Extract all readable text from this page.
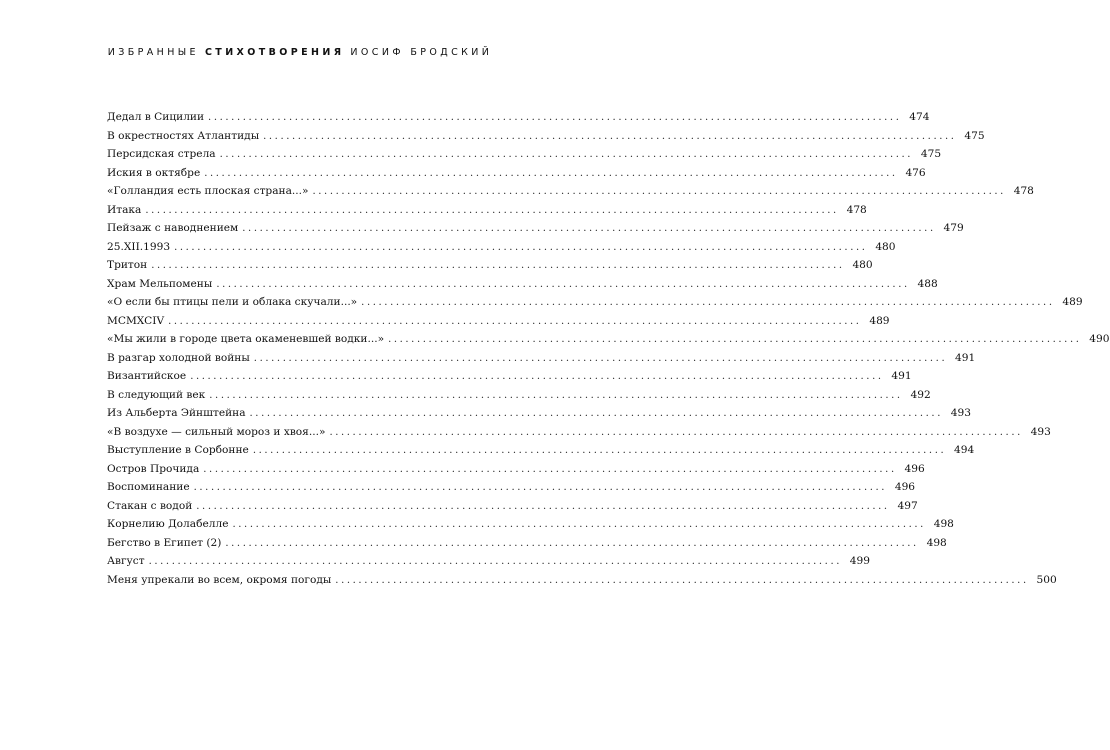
ИЗБРАННЫЕ СТИХОТВОРЕНИЯ ИОСИФ БРОДСКИЙ
Дедал в Сицилии ........................................................................................................................ 474
В окрестностях Атлантиды ........................................................................................................................ 475
Персидская стрела ........................................................................................................................ 475
Иския в октябре ........................................................................................................................ 476
«Голландия есть плоская страна...» ........................................................................................................................ 478
Итака ........................................................................................................................ 478
Пейзаж с наводнением ........................................................................................................................ 479
25.XII.1993 ........................................................................................................................ 480
Тритон ........................................................................................................................ 480
Храм Мельпомены ........................................................................................................................ 488
«О если бы птицы пели и облака скучали...» ........................................................................................................................ 489
MCMXCIV ........................................................................................................................ 489
«Мы жили в городе цвета окаменевшей водки...» ........................................................................................................................ 490
В разгар холодной войны ........................................................................................................................ 491
Византийское ........................................................................................................................ 491
В следующий век ........................................................................................................................ 492
Из Альберта Эйнштейна ........................................................................................................................ 493
«В воздухе — сильный мороз и хвоя...» ........................................................................................................................ 493
Выступление в Сорбонне ........................................................................................................................ 494
Остров Прочида ........................................................................................................................ 496
Воспоминание ........................................................................................................................ 496
Стакан с водой ........................................................................................................................ 497
Корнелию Долабелле ........................................................................................................................ 498
Бегство в Египет (2) ........................................................................................................................ 498
Август ........................................................................................................................ 499
Меня упрекали во всем, окромя погоды ........................................................................................................................ 500
